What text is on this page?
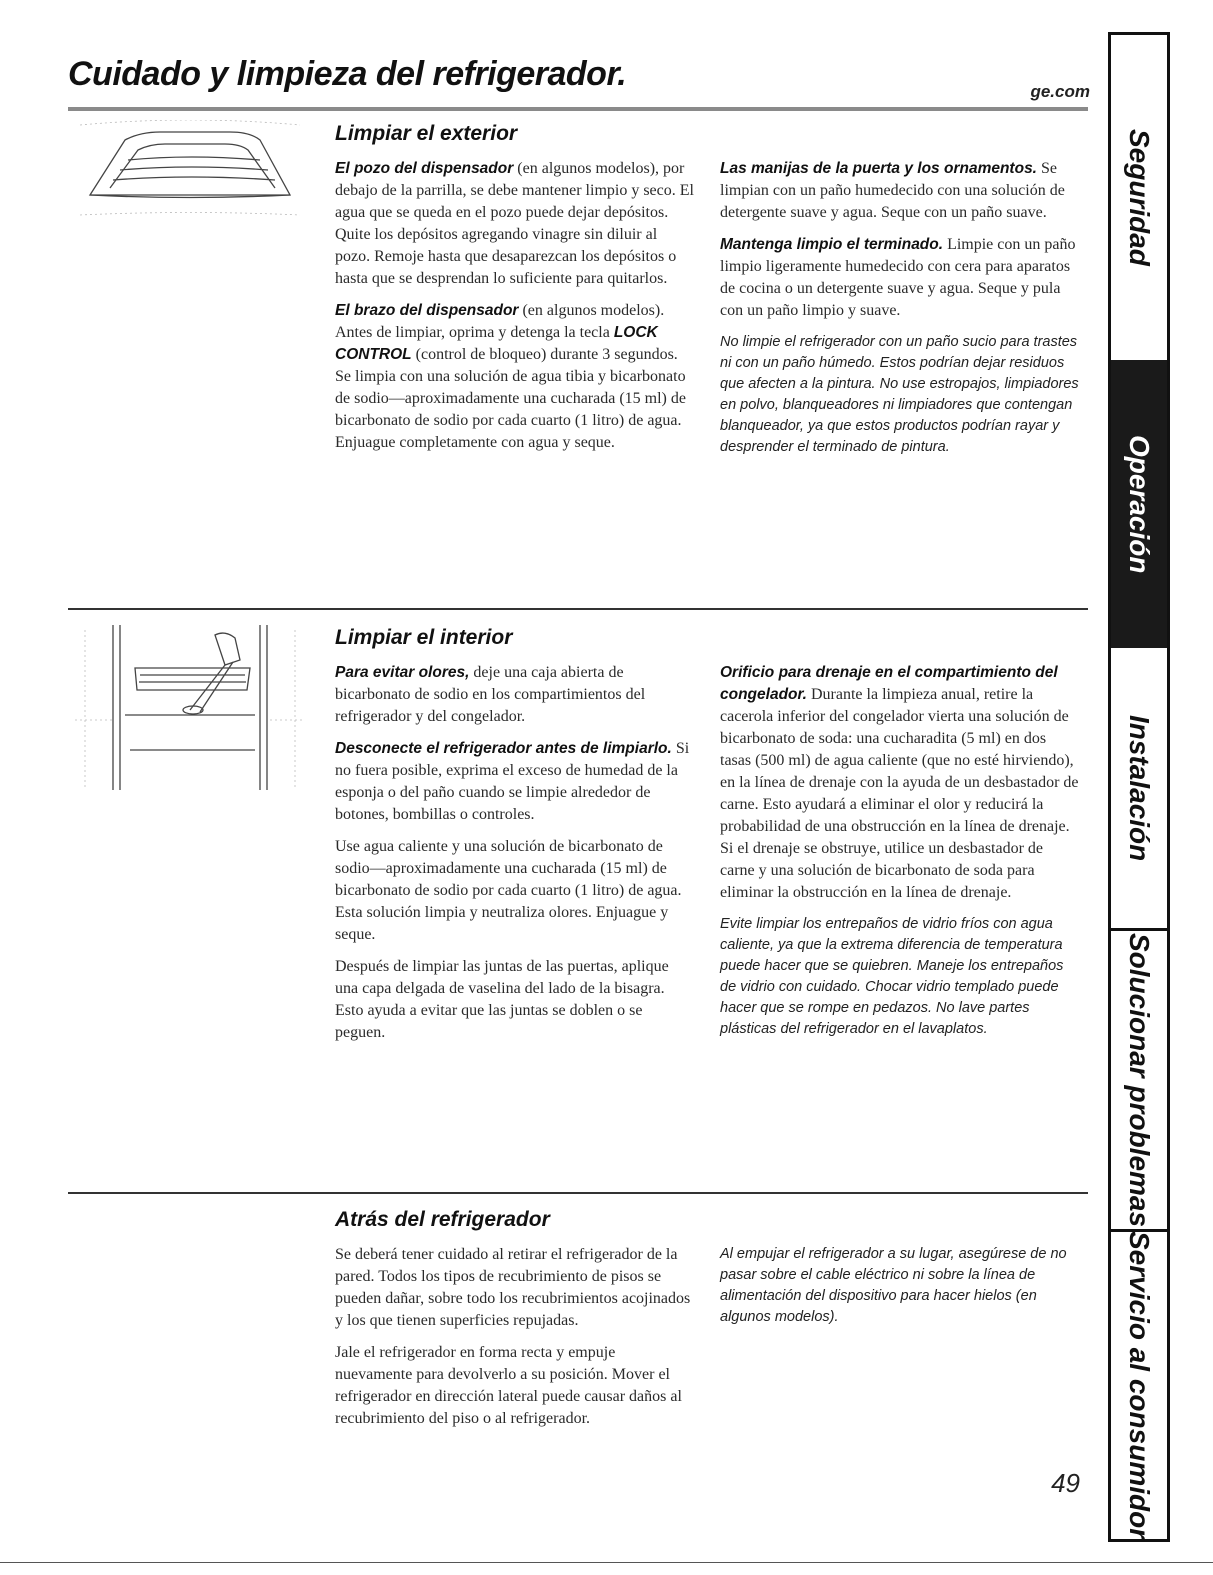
Cuidado y limpieza del refrigerador.	ge.com
Limpiar el exterior

El pozo del dispensador (en algunos modelos), por debajo de la parrilla, se debe mantener limpio y seco. El agua que se queda en el pozo puede dejar depósitos. Quite los depósitos agregando vinagre sin diluir al pozo. Remoje hasta que desaparezcan los depósitos o hasta que se desprendan lo suficiente para quitarlos.

El brazo del dispensador (en algunos modelos). Antes de limpiar, oprima y detenga la tecla LOCK CONTROL (control de bloqueo) durante 3 segundos. Se limpia con una solución de agua tibia y bicarbonato de sodio—aproximadamente una cucharada (15 ml) de bicarbonato de sodio por cada cuarto (1 litro) de agua. Enjuague completamente con agua y seque.

Las manijas de la puerta y los ornamentos. Se limpian con un paño humedecido con una solución de detergente suave y agua. Seque con un paño suave.

Mantenga limpio el terminado. Limpie con un paño limpio ligeramente humedecido con cera para aparatos de cocina o un detergente suave y agua. Seque y pula con un paño limpio y suave.

No limpie el refrigerador con un paño sucio para trastes ni con un paño húmedo. Estos podrían dejar residuos que afecten a la pintura. No use estropajos, limpiadores en polvo, blanqueadores ni limpiadores que contengan blanqueador, ya que estos productos podrían rayar y desprender el terminado de pintura.

Limpiar el interior

Para evitar olores, deje una caja abierta de bicarbonato de sodio en los compartimientos del refrigerador y del congelador.

Desconecte el refrigerador antes de limpiarlo. Si no fuera posible, exprima el exceso de humedad de la esponja o del paño cuando se limpie alrededor de botones, bombillas o controles.

Use agua caliente y una solución de bicarbonato de sodio—aproximadamente una cucharada (15 ml) de bicarbonato de sodio por cada cuarto (1 litro) de agua. Esta solución limpia y neutraliza olores. Enjuague y seque.

Después de limpiar las juntas de las puertas, aplique una capa delgada de vaselina del lado de la bisagra. Esto ayuda a evitar que las juntas se doblen o se peguen.

Orificio para drenaje en el compartimiento del congelador. Durante la limpieza anual, retire la cacerola inferior del congelador vierta una solución de bicarbonato de soda: una cucharadita (5 ml) en dos tasas (500 ml) de agua caliente (que no esté hirviendo), en la línea de drenaje con la ayuda de un desbastador de carne. Esto ayudará a eliminar el olor y reducirá la probabilidad de una obstrucción en la línea de drenaje. Si el drenaje se obstruye, utilice un desbastador de carne y una solución de bicarbonato de soda para eliminar la obstrucción en la línea de drenaje.

Evite limpiar los entrepaños de vidrio fríos con agua caliente, ya que la extrema diferencia de temperatura puede hacer que se quiebren. Maneje los entrepaños de vidrio con cuidado. Chocar vidrio templado puede hacer que se rompe en pedazos. No lave partes plásticas del refrigerador en el lavaplatos.

Atrás del refrigerador

Se deberá tener cuidado al retirar el refrigerador de la pared. Todos los tipos de recubrimiento de pisos se pueden dañar, sobre todo los recubrimientos acojinados y los que tienen superficies repujadas.

Jale el refrigerador en forma recta y empuje nuevamente para devolverlo a su posición. Mover el refrigerador en dirección lateral puede causar daños al recubrimiento del piso o al refrigerador.

Al empujar el refrigerador a su lugar, asegúrese de no pasar sobre el cable eléctrico ni sobre la línea de alimentación del dispositivo para hacer hielos (en algunos modelos).

Seguridad
Operación
Instalación
Solucionar problemas
Servicio al consumidor
49
